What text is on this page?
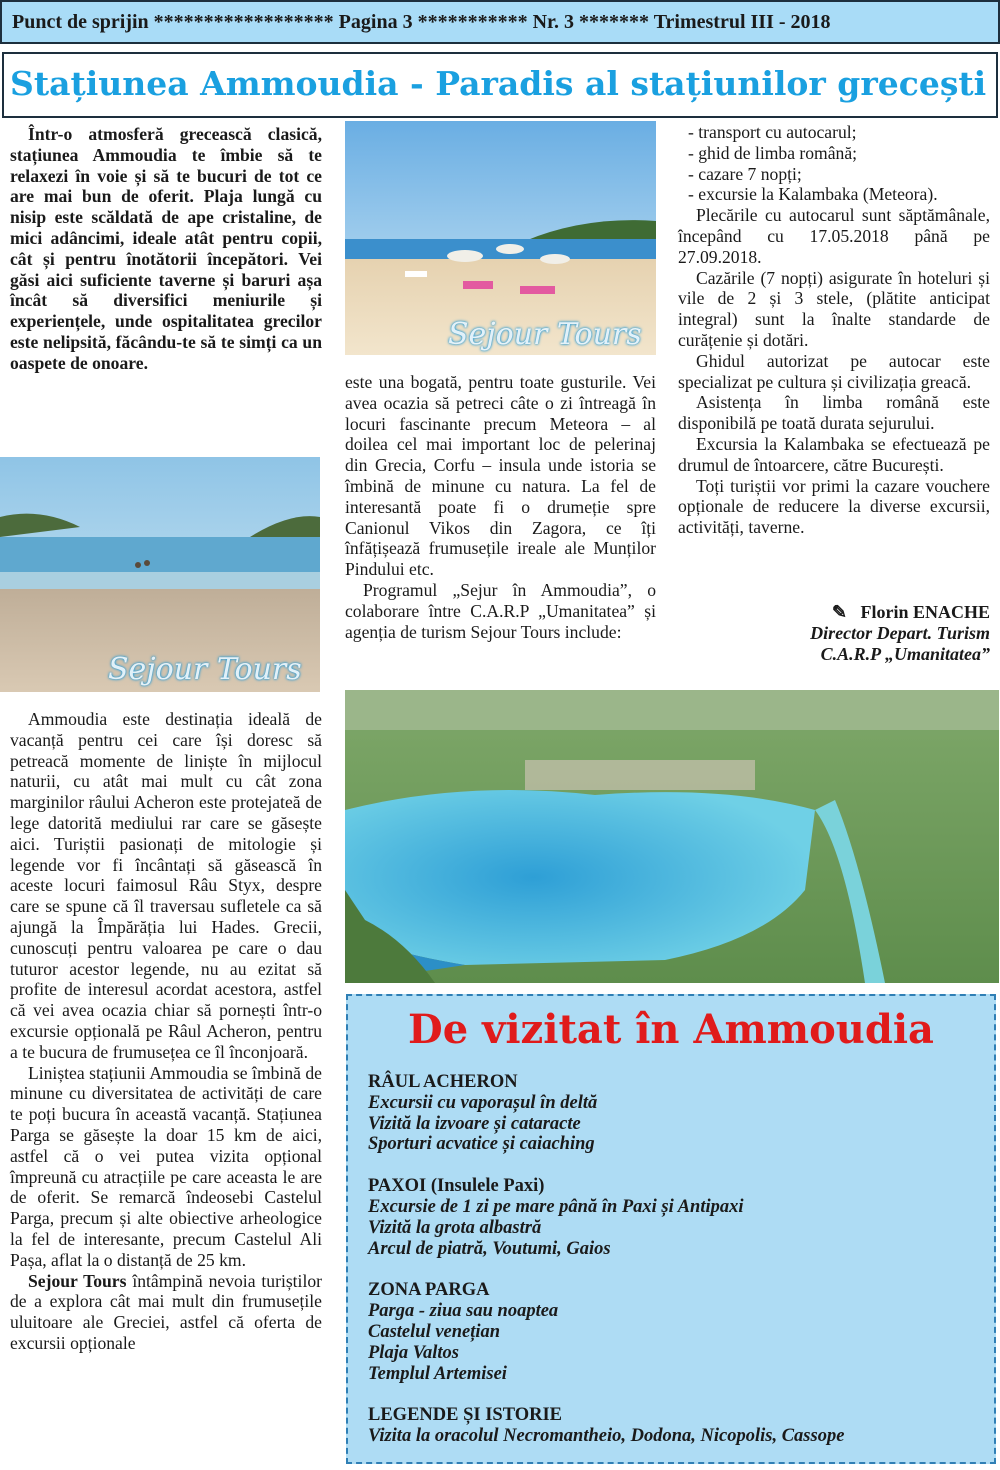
Punct de sprijin ****************** Pagina 3 *********** Nr. 3 ******* Trimestrul III - 2018
Stațiunea Ammoudia - Paradis al stațiunilor grecești

Într-o atmosferă grecească clasică, stațiunea Ammoudia te îmbie să te relaxezi în voie și să te bucuri de tot ce are mai bun de oferit. Plaja lungă cu nisip este scăldată de ape cristaline, de mici adâncimi, ideale atât pentru copii, cât și pentru înotătorii începători. Vei găsi aici suficiente taverne și baruri așa încât să diversifici meniurile și experiențele, unde ospitalitatea grecilor este nelipsită, făcându-te să te simți ca un oaspete de onoare.

Sejour Tours

Ammoudia este destinația ideală de vacanță pentru cei care își doresc să petreacă momente de liniște în mijlocul naturii, cu atât mai mult cu cât zona marginilor râului Acheron este protejateă de lege datorită mediului rar care se găsește aici. Turiștii pasionați de mitologie și legende vor fi încântați să găsească în aceste locuri faimosul Râu Styx, despre care se spune că îl traversau sufletele ca să ajungă la Împărăția lui Hades. Grecii, cunoscuți pentru valoarea pe care o dau tuturor acestor legende, nu au ezitat să profite de interesul acordat acestora, astfel că vei avea ocazia chiar să pornești într-o excursie opțională pe Râul Acheron, pentru a te bucura de frumusețea ce îl înconjoară.

Liniștea stațiunii Ammoudia se îmbină de minune cu diversitatea de activități de care te poți bucura în această vacanță. Stațiunea Parga se găsește la doar 15 km de aici, astfel că o vei putea vizita opțional împreună cu atracțiile pe care aceasta le are de oferit. Se remarcă îndeosebi Castelul Parga, precum și alte obiective arheologice la fel de interesante, precum Castelul Ali Pașa, aflat la o distanță de 25 km.

Sejour Tours întâmpină nevoia turiștilor de a explora cât mai mult din frumusețile uluitoare ale Greciei, astfel că oferta de excursii opționale

Sejour Tours

este una bogată, pentru toate gusturile. Vei avea ocazia să petreci câte o zi întreagă în locuri fascinante precum Meteora – al doilea cel mai important loc de pelerinaj din Grecia, Corfu – insula unde istoria se îmbină de minune cu natura. La fel de interesantă poate fi o drumeție spre Canionul Vikos din Zagora, ce îți înfățișează frumusețile ireale ale Munților Pindului etc.

Programul „Sejur în Ammoudia”, o colaborare între C.A.R.P „Umanitatea” și agenția de turism Sejour Tours include:

- transport cu autocarul;
- ghid de limba română;
- cazare 7 nopți;
- excursie la Kalambaka (Meteora).

Plecările cu autocarul sunt săptămânale, începând cu 17.05.2018 până pe 27.09.2018.

Cazările (7 nopți) asigurate în hoteluri și vile de 2 și 3 stele, (plătite anticipat integral) sunt la înalte standarde de curățenie și dotări.

Ghidul autorizat pe autocar este specializat pe cultura și civilizația greacă.

Asistența în limba română este disponibilă pe toată durata sejurului.

Excursia la Kalambaka se efectuează pe drumul de întoarcere, către București.

Toți turiștii vor primi la cazare vouchere opționale de reducere la diverse excursii, activități, taverne.

✎   Florin ENACHE
Director Depart. Turism
C.A.R.P „Umanitatea”
De vizitat în Ammoudia
RÂUL ACHERON
Excursii cu vaporașul în deltă
Vizită la izvoare și cataracte
Sporturi acvatice și caiaching
PAXOI (Insulele Paxi)
Excursie de 1 zi pe mare până în Paxi și Antipaxi
Vizită la grota albastră
Arcul de piatră, Voutumi, Gaios
ZONA PARGA
Parga - ziua sau noaptea
Castelul venețian
Plaja Valtos
Templul Artemisei
LEGENDE ȘI ISTORIE
Vizita la oracolul Necromantheio, Dodona, Nicopolis, Cassope
